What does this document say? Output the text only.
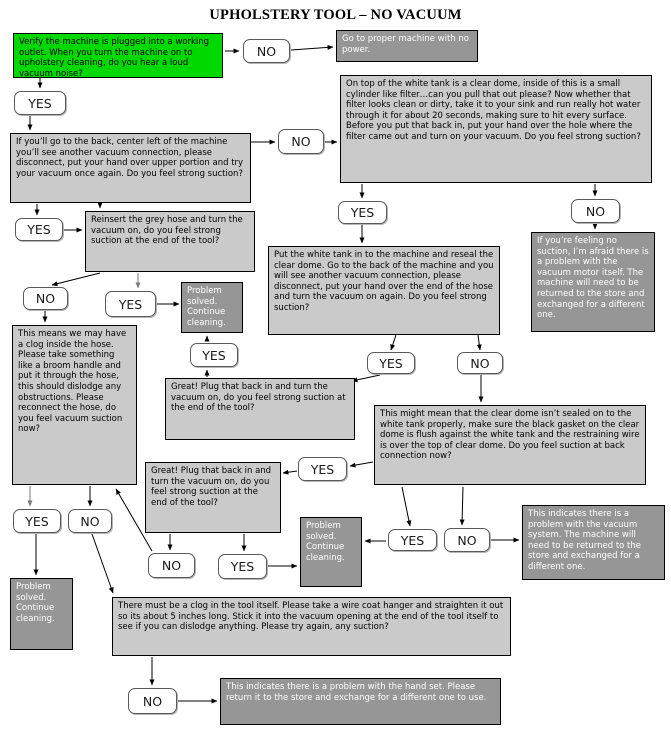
UPHOLSTERY TOOL – NO VACUUM
Verify the machine is plugged into a working outlet. When you turn the machine on to upholstery cleaning, do you hear a loud vacuum noise?
NO
Go to proper machine with no power.
YES
If you’ll go to the back, center left of the machine you’ll see another vacuum connection, please disconnect, put your hand over upper portion and try your vacuum once again. Do you feel strong suction?
NO
On top of the white tank is a clear dome, inside of this is a small cylinder like filter…can you pull that out please? Now whether that filter looks clean or dirty, take it to your sink and run really hot water through it for about 20 seconds, making sure to hit every surface. Before you put that back in, put your hand over the hole where the filter came out and turn on your vacuum. Do you feel strong suction?
YES	NO
If you’re feeling no suction, I’m afraid there is a problem with the vacuum motor itself. The machine will need to be returned to the store and exchanged for a different one.
YES
Reinsert the grey hose and turn the vacuum on, do you feel strong suction at the end of the tool?
YES
Problem solved. Continue cleaning.
NO
This means we may have a clog inside the hose. Please take something like a broom handle and put it through the hose, this should dislodge any obstructions. Please reconnect the hose, do you feel vacuum suction now?
YES
Great! Plug that back in and turn the vacuum on, do you feel strong suction at the end of the tool?
Put the white tank in to the machine and reseal the clear dome. Go to the back of the machine and you will see another vacuum connection, please disconnect, put your hand over the end of the hose and turn the vacuum on again. Do you feel strong suction?
YES	NO
This might mean that the clear dome isn’t sealed on to the white tank properly, make sure the black gasket on the clear dome is flush against the white tank and the restraining wire is over the top of clear dome. Do you feel suction at back connection now?
YES
Great! Plug that back in and turn the vacuum on, do you feel strong suction at the end of the tool?
NO	YES
Problem solved. Continue cleaning.
YES	NO
This indicates there is a problem with the vacuum system. The machine will need to be returned to the store and exchanged for a different one.
YES	NO
Problem solved. Continue cleaning.
There must be a clog in the tool itself. Please take a wire coat hanger and straighten it out so its about 5 inches long. Stick it into the vacuum opening at the end of the tool itself to see if you can dislodge anything. Please try again, any suction?
NO
This indicates there is a problem with the hand set. Please return it to the store and exchange for a different one to use.
